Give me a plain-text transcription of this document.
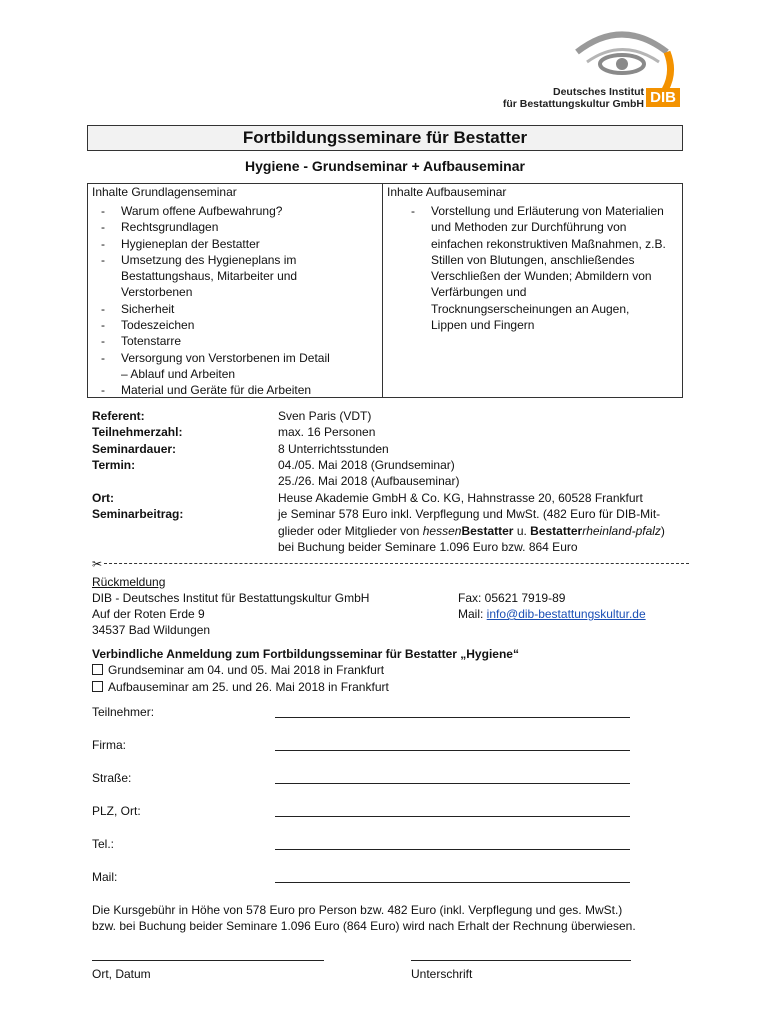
Deutsches Institut
für Bestattungskultur GmbH DIB
Fortbildungsseminare für Bestatter
Hygiene - Grundseminar + Aufbauseminar
Inhalte Grundlagenseminar
- Warum offene Aufbewahrung?
- Rechtsgrundlagen
- Hygieneplan der Bestatter
- Umsetzung des Hygieneplans im Bestattungshaus, Mitarbeiter und Verstorbenen
- Sicherheit
- Todeszeichen
- Totenstarre
- Versorgung von Verstorbenen im Detail – Ablauf und Arbeiten
- Material und Geräte für die Arbeiten
Inhalte Aufbauseminar
- Vorstellung und Erläuterung von Materialien und Methoden zur Durchführung von einfachen rekonstruktiven Maßnahmen, z.B. Stillen von Blutungen, anschließendes Verschließen der Wunden; Abmildern von Verfärbungen und Trocknungserscheinungen an Augen, Lippen und Fingern
Referent:	Sven Paris (VDT)
Teilnehmerzahl:	max. 16 Personen
Seminardauer:	8 Unterrichtsstunden
Termin:	04./05. Mai 2018 (Grundseminar)
25./26. Mai 2018 (Aufbauseminar)
Ort:	Heuse Akademie GmbH & Co. KG, Hahnstrasse 20, 60528 Frankfurt
Seminarbeitrag:	je Seminar 578 Euro inkl. Verpflegung und MwSt. (482 Euro für DIB-Mit-
glieder oder Mitglieder von hessenBestatter u. Bestatterrheinland-pfalz)
bei Buchung beider Seminare 1.096 Euro bzw. 864 Euro
✂
Rückmeldung
DIB - Deutsches Institut für Bestattungskultur GmbH
Auf der Roten Erde 9
34537 Bad Wildungen
Fax: 05621 7919-89
Mail: info@dib-bestattungskultur.de
Verbindliche Anmeldung zum Fortbildungsseminar für Bestatter „Hygiene“
Grundseminar am 04. und 05. Mai 2018 in Frankfurt
Aufbauseminar am 25. und 26. Mai 2018 in Frankfurt
Teilnehmer:
Firma:
Straße:
PLZ, Ort:
Tel.:
Mail:
Die Kursgebühr in Höhe von 578 Euro pro Person bzw. 482 Euro (inkl. Verpflegung und ges. MwSt.)
bzw. bei Buchung beider Seminare 1.096 Euro (864 Euro) wird nach Erhalt der Rechnung überwiesen.
Ort, Datum	Unterschrift
